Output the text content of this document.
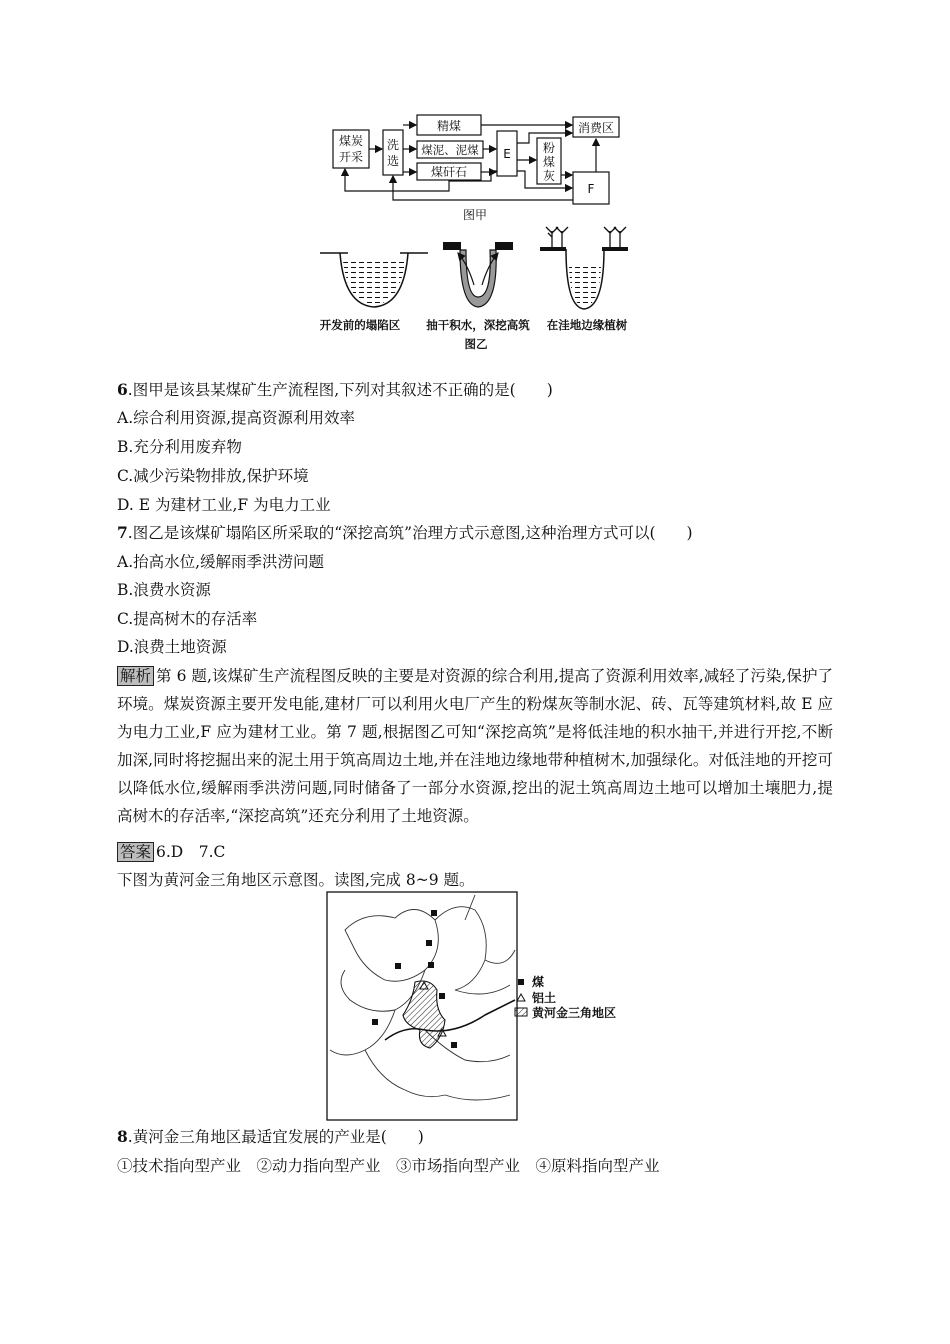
煤炭
开采
洗
选
精煤
煤泥、泥煤
煤矸石
E	粉
煤
灰
消费区
F
图甲
开发前的塌陷区 抽干积水，深挖高筑 在洼地边缘植树
图乙
6.图甲是该县某煤矿生产流程图,下列对其叙述不正确的是(　　)
A.综合利用资源,提高资源利用效率
B.充分利用废弃物
C.减少污染物排放,保护环境
D. E 为建材工业,F 为电力工业
7.图乙是该煤矿塌陷区所采取的“深挖高筑”治理方式示意图,这种治理方式可以(　　)
A.抬高水位,缓解雨季洪涝问题
B.浪费水资源
C.提高树木的存活率
D.浪费土地资源
解析 第 6 题,该煤矿生产流程图反映的主要是对资源的综合利用,提高了资源利用效率,减轻了污染,保护了环境。煤炭资源主要开发电能,建材厂可以利用火电厂产生的粉煤灰等制水泥、砖、瓦等建筑材料,故 E 应为电力工业,F 应为建材工业。第 7 题,根据图乙可知“深挖高筑”是将低洼地的积水抽干,并进行开挖,不断加深,同时将挖掘出来的泥土用于筑高周边土地,并在洼地边缘地带种植树木,加强绿化。对低洼地的开挖可以降低水位,缓解雨季洪涝问题,同时储备了一部分水资源,挖出的泥土筑高周边土地可以增加土壤肥力,提高树木的存活率,“深挖高筑”还充分利用了土地资源。
答案 6.D　7.C
下图为黄河金三角地区示意图。读图,完成 8~9 题。
煤
铝土
黄河金三角地区
8.黄河金三角地区最适宜发展的产业是(　　)
①技术指向型产业　②动力指向型产业　③市场指向型产业　④原料指向型产业
